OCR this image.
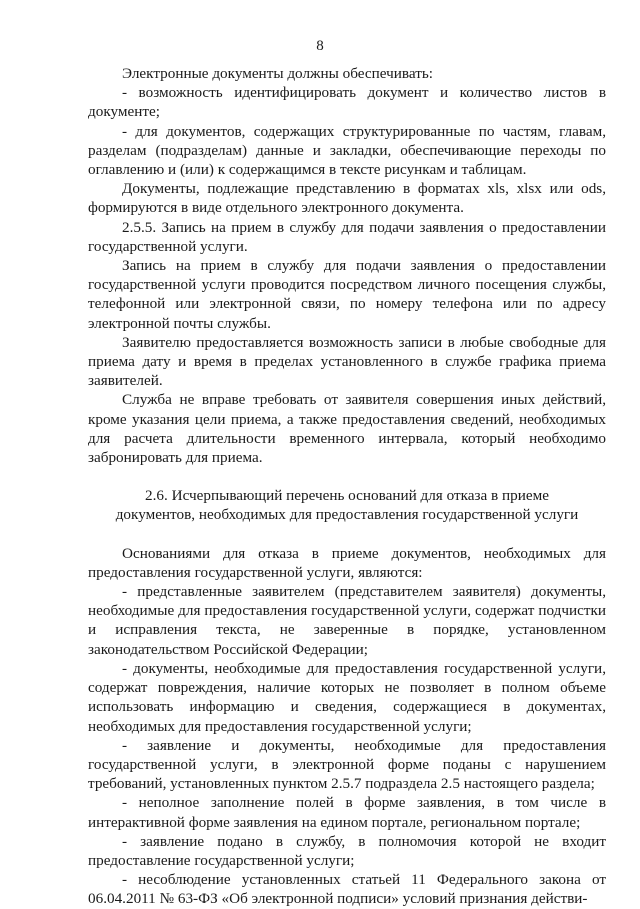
8

Электронные документы должны обеспечивать:

- возможность идентифицировать документ и количество листов в документе;

- для документов, содержащих структурированные по частям, главам, разделам (подразделам) данные и закладки, обеспечивающие переходы по оглавлению и (или) к содержащимся в тексте рисункам и таблицам.

Документы, подлежащие представлению в форматах xls, xlsx или ods, формируются в виде отдельного электронного документа.

2.5.5. Запись на прием в службу для подачи заявления о предоставлении государственной услуги.

Запись на прием в службу для подачи заявления о предоставлении государственной услуги проводится посредством личного посещения службы, телефонной или электронной связи, по номеру телефона или по адресу электронной почты службы.

Заявителю предоставляется возможность записи в любые свободные для приема дату и время в пределах установленного в службе графика приема заявителей.

Служба не вправе требовать от заявителя совершения иных действий, кроме указания цели приема, а также предоставления сведений, необходимых для расчета длительности временного интервала, который необходимо забронировать для приема.

2.6. Исчерпывающий перечень оснований для отказа в приеме документов, необходимых для предоставления государственной услуги

Основаниями для отказа в приеме документов, необходимых для предоставления государственной услуги, являются:

- представленные заявителем (представителем заявителя) документы, необходимые для предоставления государственной услуги, содержат подчистки и исправления текста, не заверенные в порядке, установленном законодательством Российской Федерации;

- документы, необходимые для предоставления государственной услуги, содержат повреждения, наличие которых не позволяет в полном объеме использовать информацию и сведения, содержащиеся в документах, необходимых для предоставления государственной услуги;

- заявление и документы, необходимые для предоставления государственной услуги, в электронной форме поданы с нарушением требований, установленных пунктом 2.5.7 подраздела 2.5 настоящего раздела;

- неполное заполнение полей в форме заявления, в том числе в интерактивной форме заявления на едином портале, региональном портале;

- заявление подано в службу, в полномочия которой не входит предоставление государственной услуги;

- несоблюдение установленных статьей 11 Федерального закона от 06.04.2011 № 63-ФЗ «Об электронной подписи» условий признания действи-
